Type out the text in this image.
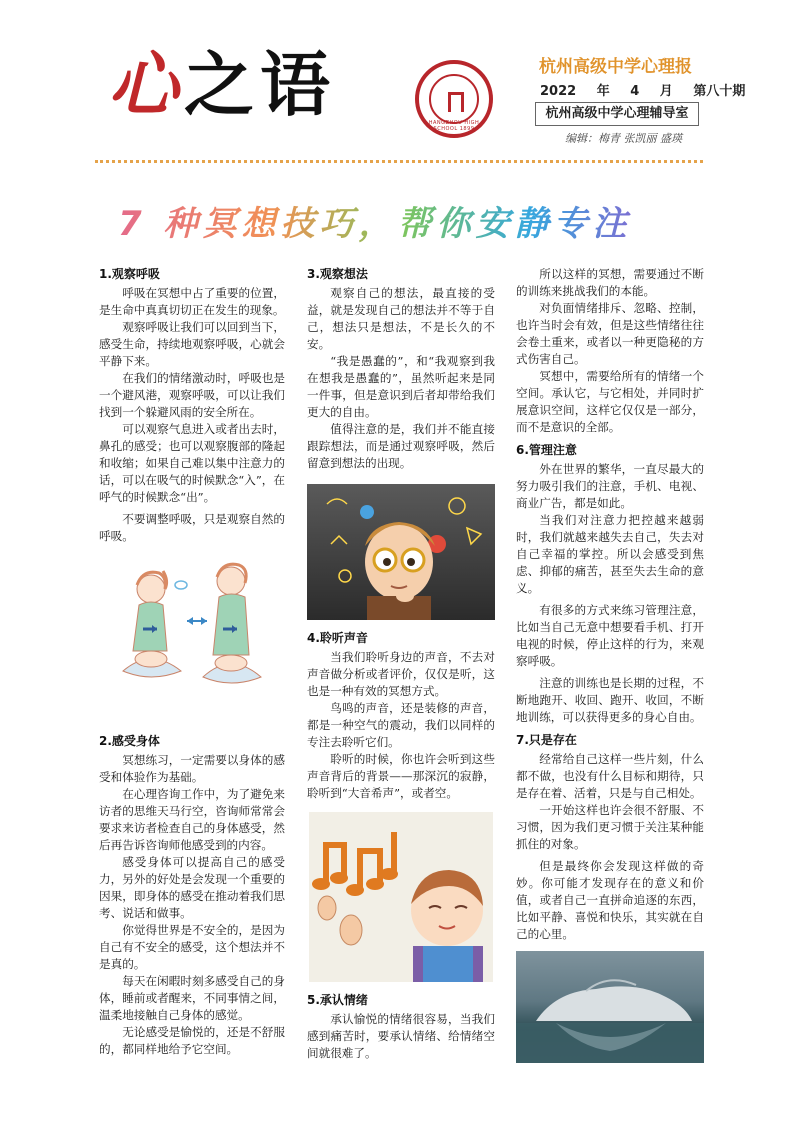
心之语	HANGZHOU HIGH SCHOOL 1899
杭州高级中学心理报
2022 年 4 月 第八十期
杭州高级中学心理辅导室
编辑：梅青 张凯丽 盛瑛
7 种冥想技巧，帮你安静专注
1.观察呼吸

呼吸在冥想中占了重要的位置，是生命中真真切切正在发生的现象。

观察呼吸让我们可以回到当下，感受生命，持续地观察呼吸，心就会平静下来。

在我们的情绪激动时，呼吸也是一个避风港，观察呼吸，可以让我们找到一个躲避风雨的安全所在。

可以观察气息进入或者出去时，鼻孔的感受；也可以观察腹部的隆起和收缩；如果自己难以集中注意力的话，可以在吸气的时候默念“入”，在呼气的时候默念“出”。

不要调整呼吸，只是观察自然的呼吸。

2.感受身体

冥想练习，一定需要以身体的感受和体验作为基础。

在心理咨询工作中，为了避免来访者的思维天马行空，咨询师常常会要求来访者检查自己的身体感受，然后再告诉咨询师他感受到的内容。

感受身体可以提高自己的感受力，另外的好处是会发现一个重要的因果，即身体的感受在推动着我们思考、说话和做事。

你觉得世界是不安全的，是因为自己有不安全的感受，这个想法并不是真的。

每天在闲暇时刻多感受自己的身体，睡前或者醒来，不同事情之间，温柔地接触自己身体的感觉。

无论感受是愉悦的，还是不舒服的，都同样地给予它空间。

3.观察想法

观察自己的想法，最直接的受益，就是发现自己的想法并不等于自己，想法只是想法，不是长久的不安。

“我是愚蠢的”，和“我观察到我在想我是愚蠢的”，虽然听起来是同一件事，但是意识到后者却带给我们更大的自由。

值得注意的是，我们并不能直接跟踪想法，而是通过观察呼吸，然后留意到想法的出现。

4.聆听声音

当我们聆听身边的声音，不去对声音做分析或者评价，仅仅是听，这也是一种有效的冥想方式。

鸟鸣的声音，还是装修的声音，都是一种空气的震动，我们以同样的专注去聆听它们。

聆听的时候，你也许会听到这些声音背后的背景——那深沉的寂静，聆听到“大音希声”，或者空。

5.承认情绪

承认愉悦的情绪很容易，当我们感到痛苦时，要承认情绪、给情绪空间就很难了。

所以这样的冥想，需要通过不断的训练来挑战我们的本能。

对负面情绪排斥、忽略、控制，也许当时会有效，但是这些情绪往往会卷土重来，或者以一种更隐秘的方式伤害自己。

冥想中，需要给所有的情绪一个空间。承认它，与它相处，并同时扩展意识空间，这样它仅仅是一部分，而不是意识的全部。

6.管理注意

外在世界的繁华，一直尽最大的努力吸引我们的注意，手机、电视、商业广告，都是如此。

当我们对注意力把控越来越弱时，我们就越来越失去自己，失去对自己幸福的掌控。所以会感受到焦虑、抑郁的痛苦，甚至失去生命的意义。

有很多的方式来练习管理注意，比如当自己无意中想要看手机、打开电视的时候，停止这样的行为，来观察呼吸。

注意的训练也是长期的过程，不断地跑开、收回、跑开、收回，不断地训练，可以获得更多的身心自由。

7.只是存在

经常给自己这样一些片刻，什么都不做，也没有什么目标和期待，只是存在着、活着，只是与自己相处。

一开始这样也许会很不舒服、不习惯，因为我们更习惯于关注某种能抓住的对象。

但是最终你会发现这样做的奇妙。你可能才发现存在的意义和价值，或者自己一直拼命追逐的东西，比如平静、喜悦和快乐，其实就在自己的心里。
